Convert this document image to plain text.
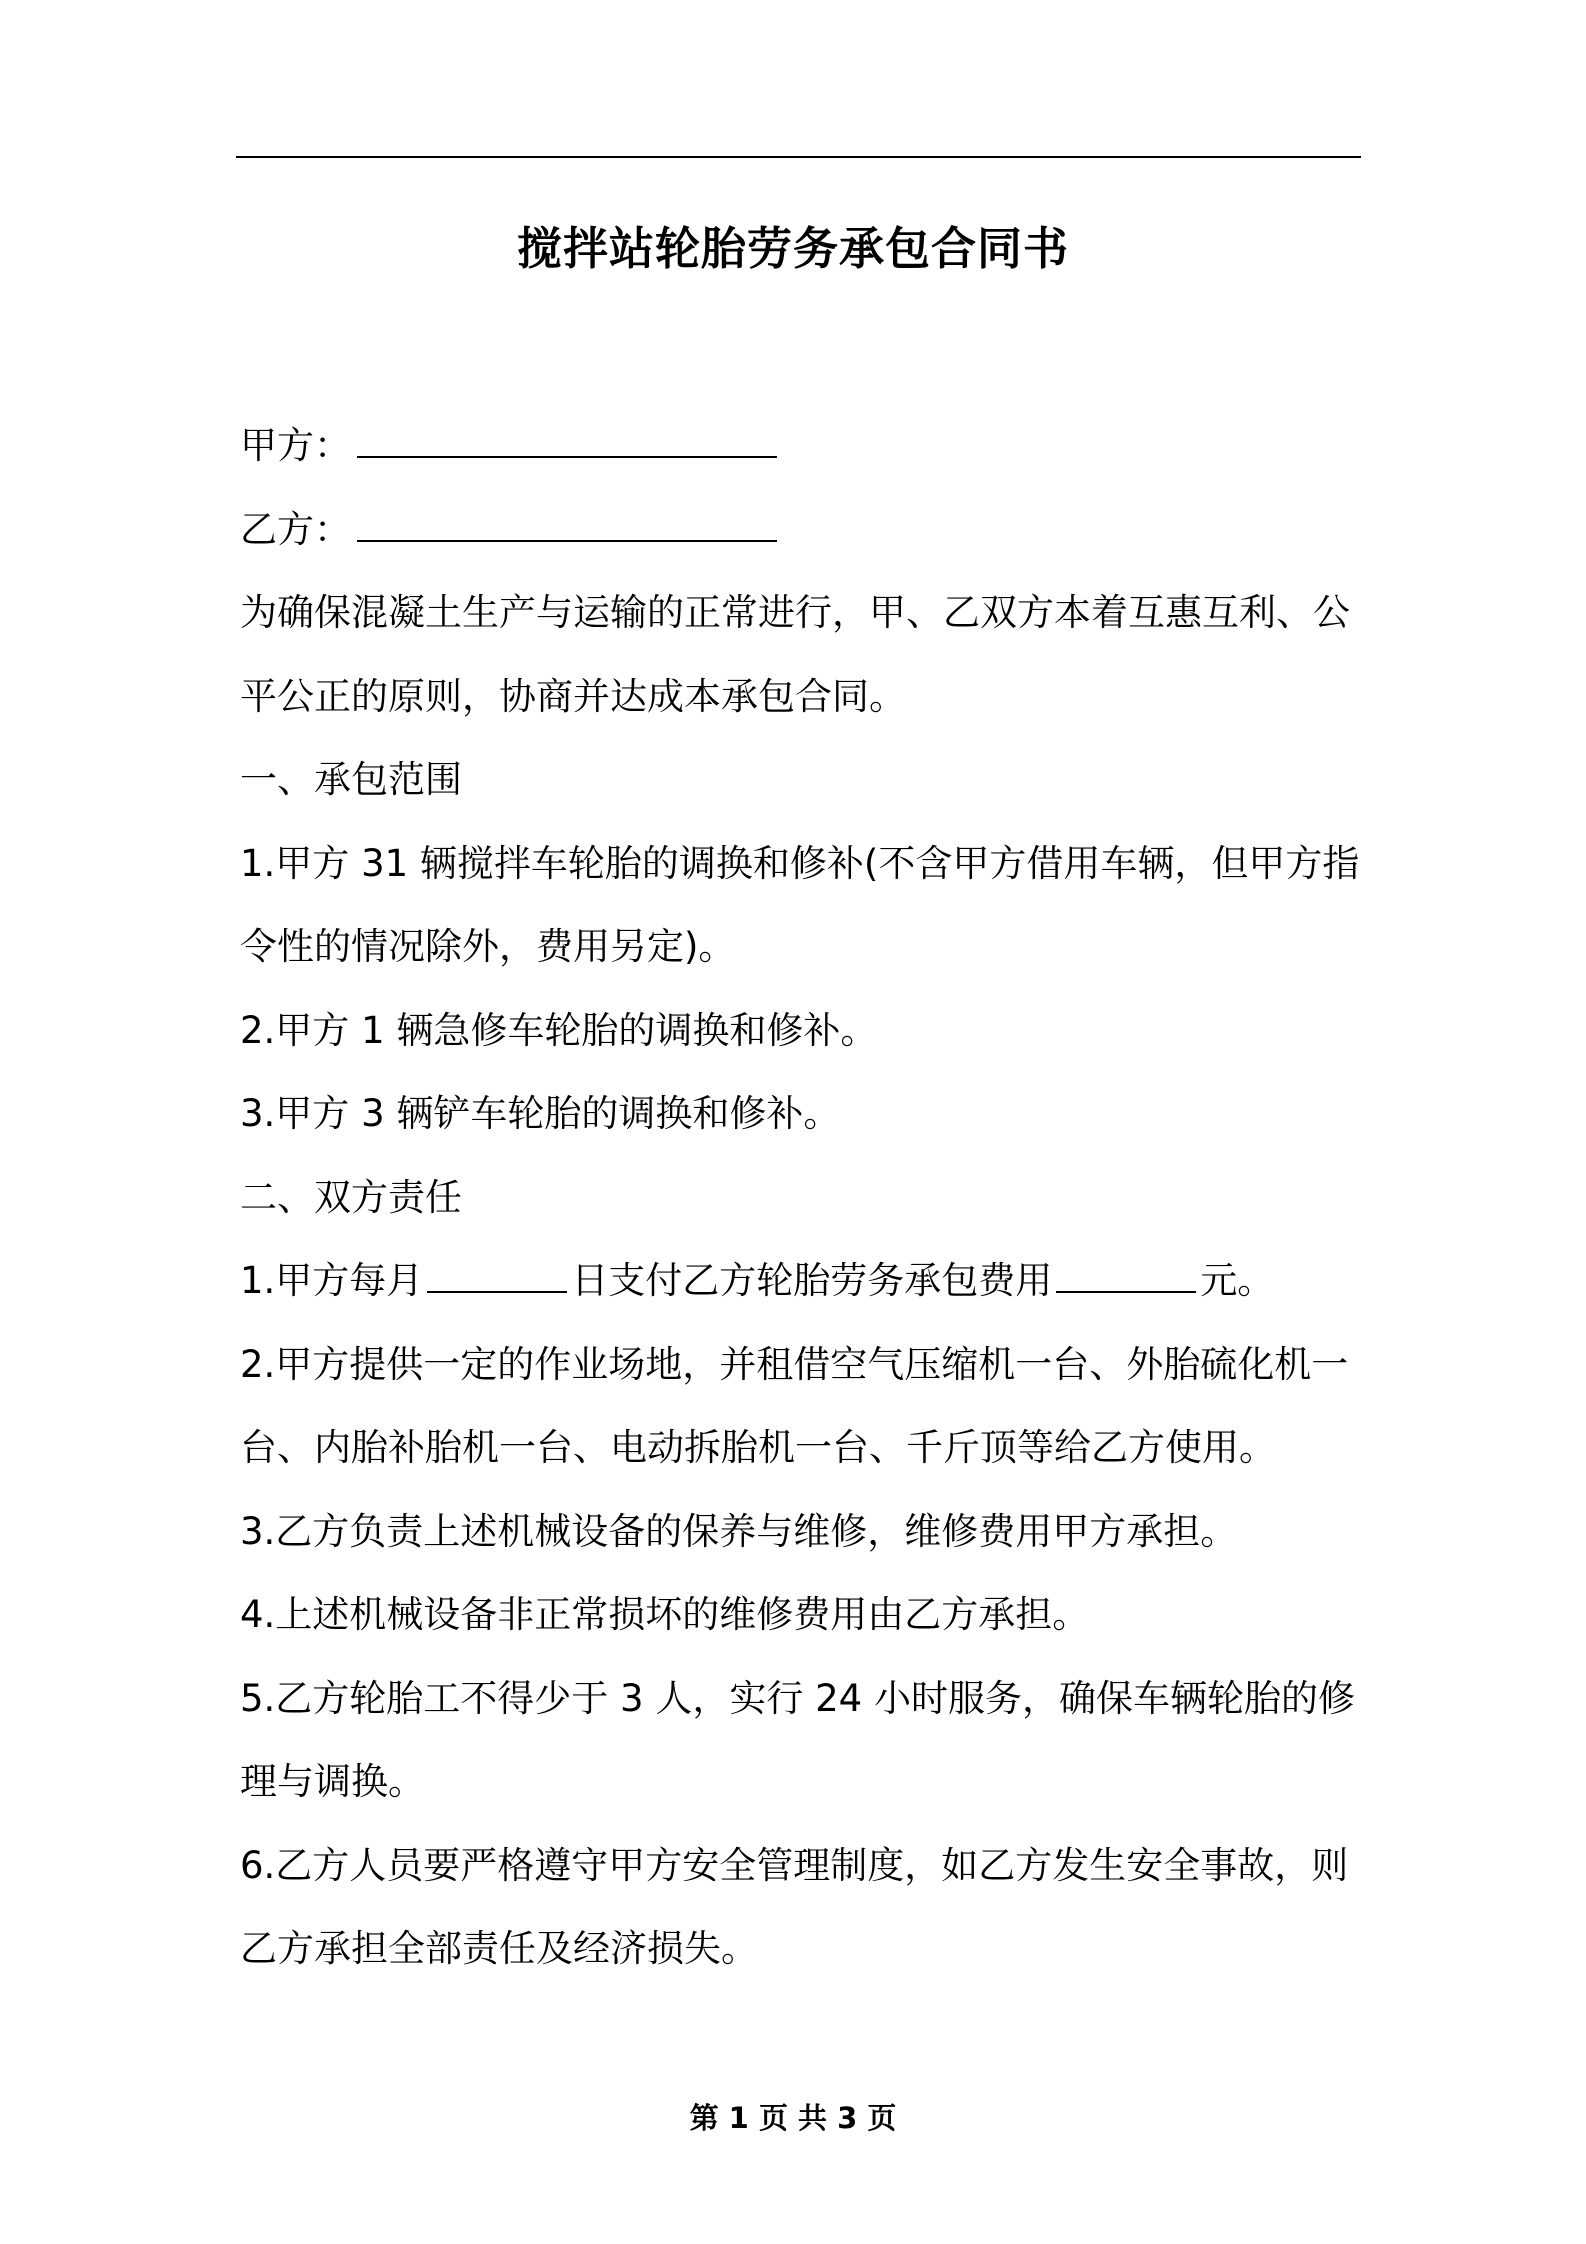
搅拌站轮胎劳务承包合同书
甲方：
乙方：
为确保混凝土生产与运输的正常进行，甲、乙双方本着互惠互利、公
平公正的原则，协商并达成本承包合同。
一、承包范围
1.甲方 31 辆搅拌车轮胎的调换和修补(不含甲方借用车辆，但甲方指
令性的情况除外，费用另定)。
2.甲方 1 辆急修车轮胎的调换和修补。
3.甲方 3 辆铲车轮胎的调换和修补。
二、双方责任
1.甲方每月	日支付乙方轮胎劳务承包费用	元。
2.甲方提供一定的作业场地，并租借空气压缩机一台、外胎硫化机一
台、内胎补胎机一台、电动拆胎机一台、千斤顶等给乙方使用。
3.乙方负责上述机械设备的保养与维修，维修费用甲方承担。
4.上述机械设备非正常损坏的维修费用由乙方承担。
5.乙方轮胎工不得少于 3 人，实行 24 小时服务，确保车辆轮胎的修
理与调换。
6.乙方人员要严格遵守甲方安全管理制度，如乙方发生安全事故，则
乙方承担全部责任及经济损失。
第 1 页 共 3 页
